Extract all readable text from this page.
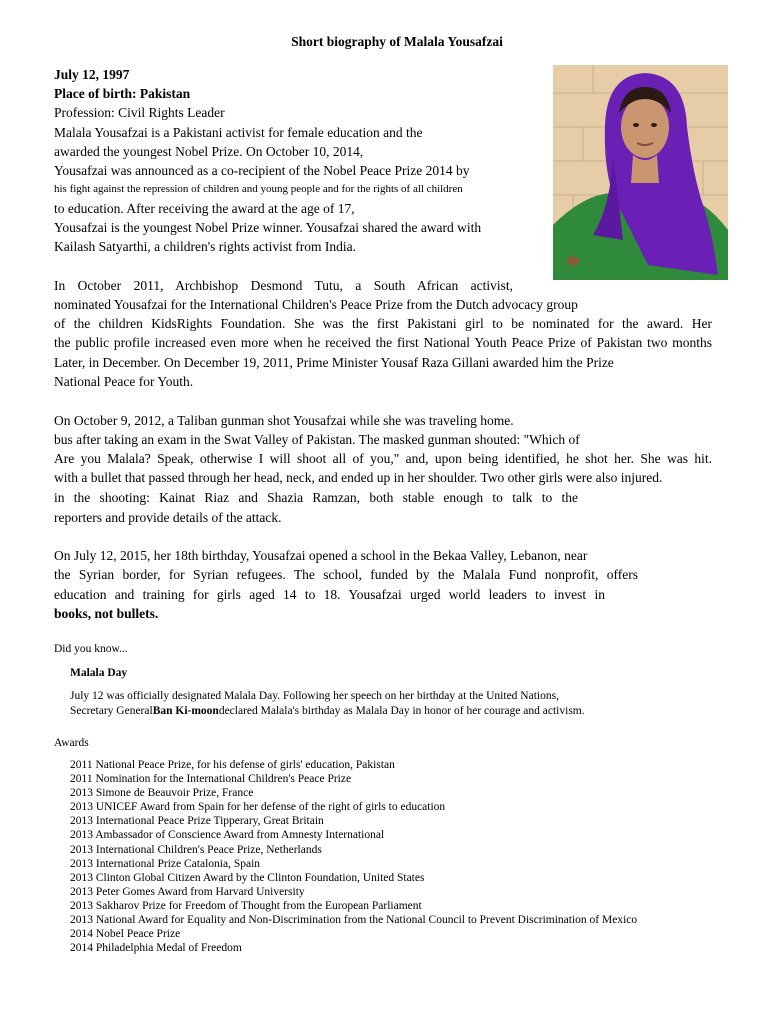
Short biography of Malala Yousafzai
July 12, 1997
Place of birth: Pakistan
Profession: Civil Rights Leader
Malala Yousafzai is a Pakistani activist for female education and the
awarded the youngest Nobel Prize. On October 10, 2014,
Yousafzai was announced as a co-recipient of the Nobel Peace Prize 2014 by
his fight against the repression of children and young people and for the rights of all children
to education. After receiving the award at the age of 17,
Yousafzai is the youngest Nobel Prize winner. Yousafzai shared the award with
Kailash Satyarthi, a children's rights activist from India.
In October 2011, Archbishop Desmond Tutu, a South African activist,
nominated Yousafzai for the International Children's Peace Prize from the Dutch advocacy group
of the children KidsRights Foundation. She was the first Pakistani girl to be nominated for the award. Her
the public profile increased even more when he received the first National Youth Peace Prize of Pakistan two months
Later, in December. On December 19, 2011, Prime Minister Yousaf Raza Gillani awarded him the Prize
National Peace for Youth.
On October 9, 2012, a Taliban gunman shot Yousafzai while she was traveling home.
bus after taking an exam in the Swat Valley of Pakistan. The masked gunman shouted: "Which of
Are you Malala? Speak, otherwise I will shoot all of you," and, upon being identified, he shot her. She was hit.
with a bullet that passed through her head, neck, and ended up in her shoulder. Two other girls were also injured.
in the shooting: Kainat Riaz and Shazia Ramzan, both stable enough to talk to the
reporters and provide details of the attack.
On July 12, 2015, her 18th birthday, Yousafzai opened a school in the Bekaa Valley, Lebanon, near
the Syrian border, for Syrian refugees. The school, funded by the Malala Fund nonprofit, offers
education and training for girls aged 14 to 18. Yousafzai urged world leaders to invest in
books, not bullets.
Did you know...
Malala Day
July 12 was officially designated Malala Day. Following her speech on her birthday at the United Nations,
Secretary GeneralBan Ki-moondeclared Malala's birthday as Malala Day in honor of her courage and activism.
Awards
2011 National Peace Prize, for his defense of girls' education, Pakistan
2011 Nomination for the International Children's Peace Prize
2013 Simone de Beauvoir Prize, France
2013 UNICEF Award from Spain for her defense of the right of girls to education
2013 International Peace Prize Tipperary, Great Britain
2013 Ambassador of Conscience Award from Amnesty International
2013 International Children's Peace Prize, Netherlands
2013 International Prize Catalonia, Spain
2013 Clinton Global Citizen Award by the Clinton Foundation, United States
2013 Peter Gomes Award from Harvard University
2013 Sakharov Prize for Freedom of Thought from the European Parliament
2013 National Award for Equality and Non-Discrimination from the National Council to Prevent Discrimination of Mexico
2014 Nobel Peace Prize
2014 Philadelphia Medal of Freedom
